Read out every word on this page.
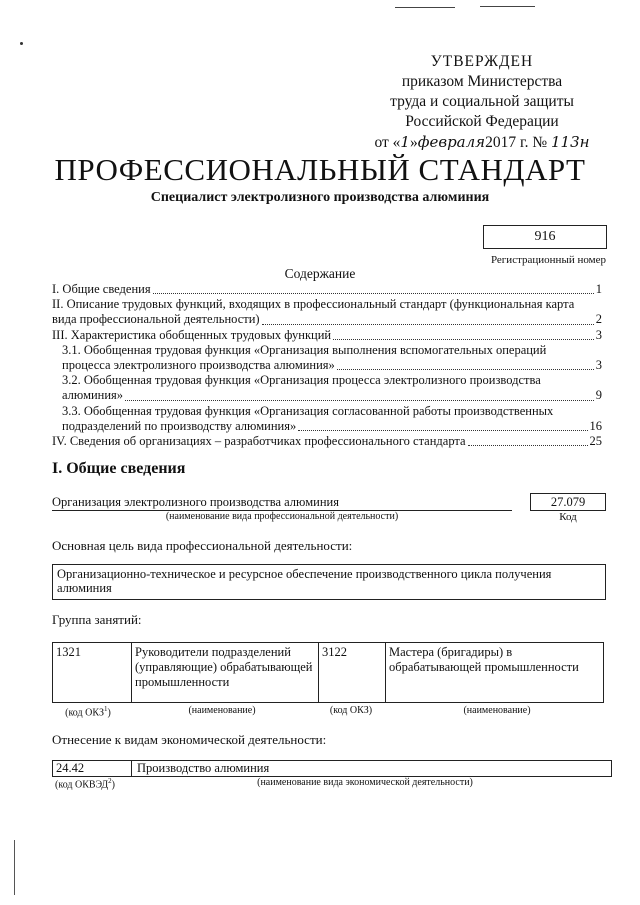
УТВЕРЖДЕН
приказом Министерства
труда и социальной защиты
Российской Федерации
от «1»февраля2017 г. № 113н
ПРОФЕССИОНАЛЬНЫЙ СТАНДАРТ
Специалист электролизного производства алюминия
916
Регистрационный номер
Содержание
I. Общие сведения	1
II. Описание трудовых функций, входящих в профессиональный стандарт (функциональная карта
вида профессиональной деятельности)	2
III. Характеристика обобщенных трудовых функций	3
3.1. Обобщенная трудовая функция «Организация выполнения вспомогательных операций
процесса электролизного производства алюминия»	3
3.2. Обобщенная трудовая функция «Организация процесса электролизного производства
алюминия»	9
3.3. Обобщенная трудовая функция «Организация согласованной работы производственных
подразделений по производству алюминия»	16
IV. Сведения об организациях – разработчиках профессионального стандарта	25
I. Общие сведения
Организация электролизного производства алюминия
(наименование вида профессиональной деятельности)
27.079
Код
Основная цель вида профессиональной деятельности:
Организационно-техническое и ресурсное обеспечение производственного цикла получения алюминия
Группа занятий:
1321	Руководители подразделений (управляющие) обрабатывающей промышленности	3122	Мастера (бригадиры) в обрабатывающей промышленности
(код ОКЗ$^1$)	(наименование)	(код ОКЗ)	(наименование)
Отнесение к видам экономической деятельности:
24.42	Производство алюминия
(код ОКВЭД$^2$)	(наименование вида экономической деятельности)
